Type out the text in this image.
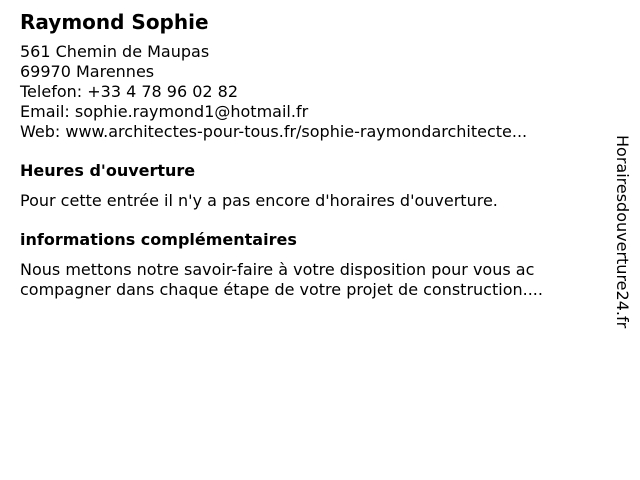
Raymond Sophie
561 Chemin de Maupas
69970 Marennes
Telefon: +33 4 78 96 02 82
Email: sophie.raymond1@hotmail.fr
Web: www.architectes-pour-tous.fr/sophie-raymondarchitecte...
Heures d'ouverture
Pour cette entrée il n'y a pas encore d'horaires d'ouverture.
informations complémentaires
Nous mettons notre savoir-faire à votre disposition pour vous ac
compagner dans chaque étape de votre projet de construction....	Horairesdouverture24.fr
